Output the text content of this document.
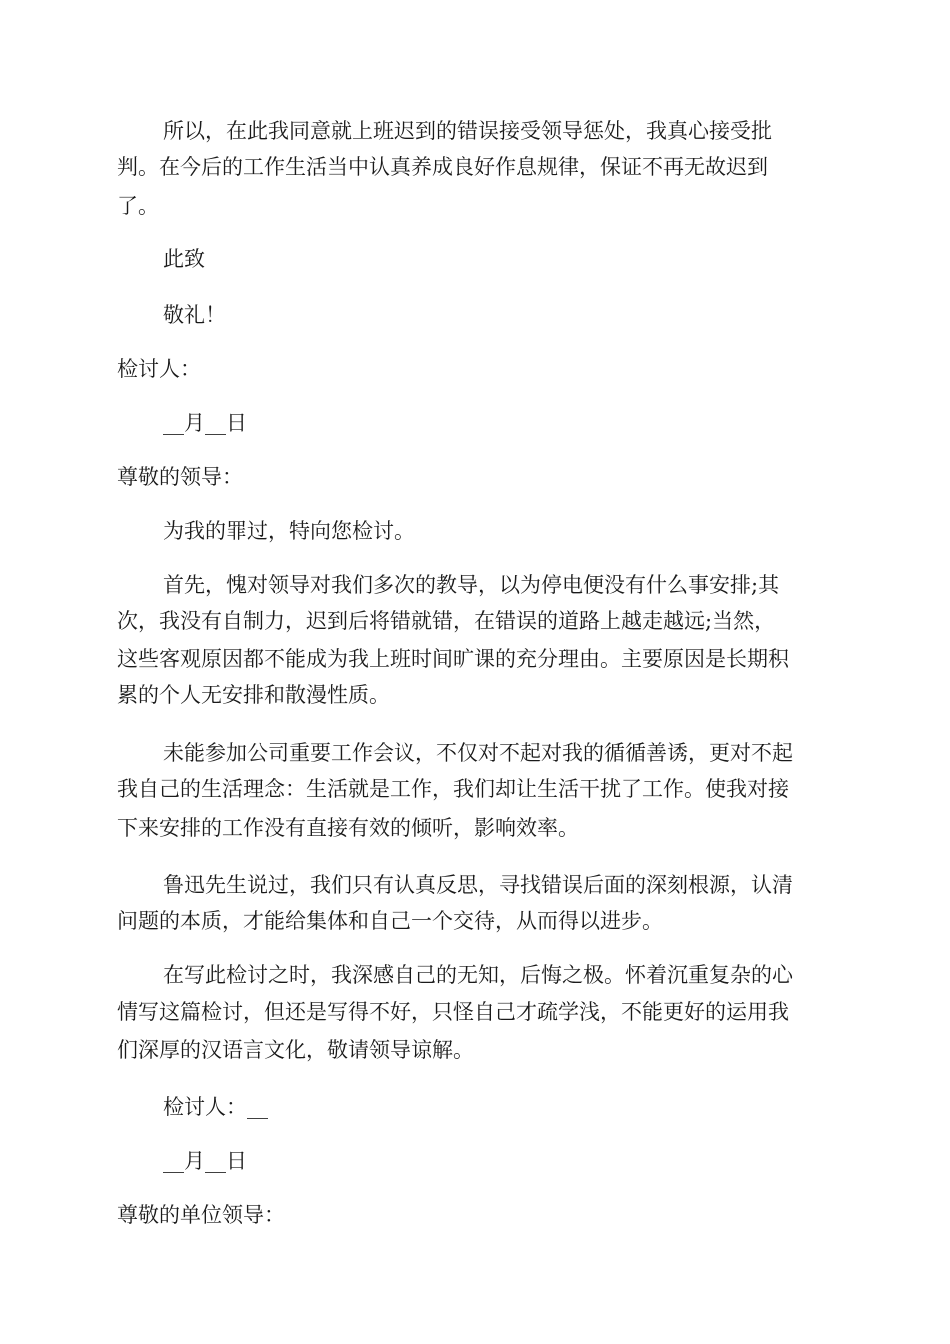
所以，在此我同意就上班迟到的错误接受领导惩处，我真心接受批
判。在今后的工作生活当中认真养成良好作息规律，保证不再无故迟到
了。
此致
敬礼！
检讨人：
__月__日
尊敬的领导：
为我的罪过，特向您检讨。
首先，愧对领导对我们多次的教导，以为停电便没有什么事安排;其
次，我没有自制力，迟到后将错就错，在错误的道路上越走越远;当然，
这些客观原因都不能成为我上班时间旷课的充分理由。主要原因是长期积
累的个人无安排和散漫性质。
未能参加公司重要工作会议，不仅对不起对我的循循善诱，更对不起
我自己的生活理念：生活就是工作，我们却让生活干扰了工作。使我对接
下来安排的工作没有直接有效的倾听，影响效率。
鲁迅先生说过，我们只有认真反思，寻找错误后面的深刻根源，认清
问题的本质，才能给集体和自己一个交待，从而得以进步。
在写此检讨之时，我深感自己的无知，后悔之极。怀着沉重复杂的心
情写这篇检讨，但还是写得不好，只怪自己才疏学浅，不能更好的运用我
们深厚的汉语言文化，敬请领导谅解。
检讨人：__
__月__日
尊敬的单位领导：
